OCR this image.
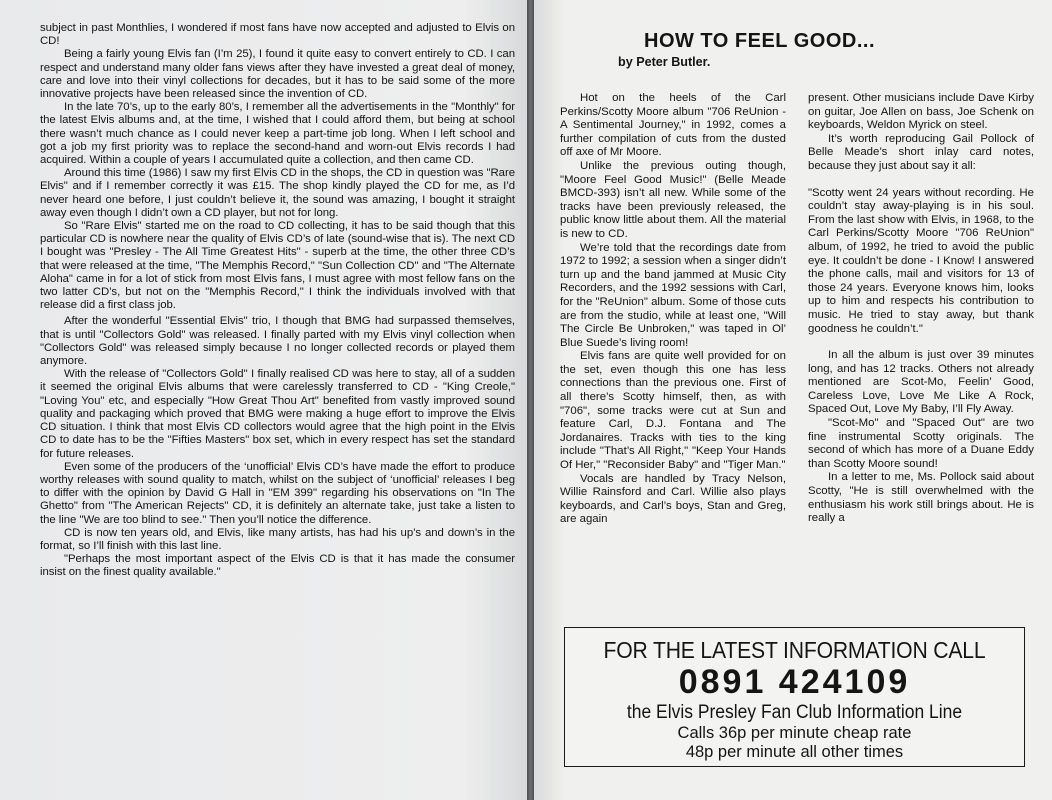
subject in past Monthlies, I wondered if most fans have now accepted and adjusted to Elvis on CD!

Being a fairly young Elvis fan (I’m 25), I found it quite easy to convert entirely to CD. I can respect and understand many older fans views after they have invested a great deal of money, care and love into their vinyl collections for decades, but it has to be said some of the more innovative projects have been released since the invention of CD.

In the late 70’s, up to the early 80’s, I remember all the advertisements in the "Monthly" for the latest Elvis albums and, at the time, I wished that I could afford them, but being at school there wasn’t much chance as I could never keep a part-time job long. When I left school and got a job my first priority was to replace the second-hand and worn-out Elvis records I had acquired. Within a couple of years I accumulated quite a collection, and then came CD.

Around this time (1986) I saw my first Elvis CD in the shops, the CD in question was "Rare Elvis" and if I remember correctly it was £15. The shop kindly played the CD for me, as I’d never heard one before, I just couldn’t believe it, the sound was amazing, I bought it straight away even though I didn’t own a CD player, but not for long.

So "Rare Elvis" started me on the road to CD collecting, it has to be said though that this particular CD is nowhere near the quality of Elvis CD’s of late (sound-wise that is). The next CD I bought was "Presley - The All Time Greatest Hits" - superb at the time, the other three CD’s that were released at the time, "The Memphis Record," "Sun Collection CD" and "The Alternate Aloha" came in for a lot of stick from most Elvis fans, I must agree with most fellow fans on the two latter CD’s, but not on the "Memphis Record," I think the individuals involved with that release did a first class job.

After the wonderful "Essential Elvis" trio, I though that BMG had surpassed themselves, that is until "Collectors Gold" was released. I finally parted with my Elvis vinyl collection when "Collectors Gold" was released simply because I no longer collected records or played them anymore.

With the release of "Collectors Gold" I finally realised CD was here to stay, all of a sudden it seemed the original Elvis albums that were carelessly transferred to CD - "King Creole," "Loving You" etc, and especially "How Great Thou Art" benefited from vastly improved sound quality and packaging which proved that BMG were making a huge effort to improve the Elvis CD situation. I think that most Elvis CD collectors would agree that the high point in the Elvis CD to date has to be the "Fifties Masters" box set, which in every respect has set the standard for future releases.

Even some of the producers of the ‘unofficial’ Elvis CD’s have made the effort to produce worthy releases with sound quality to match, whilst on the subject of ‘unofficial’ releases I beg to differ with the opinion by David G Hall in "EM 399" regarding his observations on "In The Ghetto" from "The American Rejects" CD, it is definitely an alternate take, just take a listen to the line "We are too blind to see." Then you’ll notice the difference.

CD is now ten years old, and Elvis, like many artists, has had his up’s and down’s in the format, so I’ll finish with this last line.

"Perhaps the most important aspect of the Elvis CD is that it has made the consumer insist on the finest quality available."

HOW TO FEEL GOOD...
by Peter Butler.

Hot on the heels of the Carl Perkins/Scotty Moore album "706 ReUnion - A Sentimental Journey," in 1992, comes a further compilation of cuts from the dusted off axe of Mr Moore.

Unlike the previous outing though, "Moore Feel Good Music!" (Belle Meade BMCD-393) isn’t all new. While some of the tracks have been previously released, the public know little about them. All the material is new to CD.

We’re told that the recordings date from 1972 to 1992; a session when a singer didn’t turn up and the band jammed at Music City Recorders, and the 1992 sessions with Carl, for the "ReUnion" album. Some of those cuts are from the studio, while at least one, "Will The Circle Be Unbroken," was taped in Ol’ Blue Suede’s living room!

Elvis fans are quite well provided for on the set, even though this one has less connections than the previous one. First of all there’s Scotty himself, then, as with "706", some tracks were cut at Sun and feature Carl, D.J. Fontana and The Jordanaires. Tracks with ties to the king include "That’s All Right," "Keep Your Hands Of Her," "Reconsider Baby" and "Tiger Man."

Vocals are handled by Tracy Nelson, Willie Rainsford and Carl. Willie also plays keyboards, and Carl’s boys, Stan and Greg, are again

present. Other musicians include Dave Kirby on guitar, Joe Allen on bass, Joe Schenk on keyboards, Weldon Myrick on steel.

It’s worth reproducing Gail Pollock of Belle Meade’s short inlay card notes, because they just about say it all:

"Scotty went 24 years without recording. He couldn’t stay away-playing is in his soul. From the last show with Elvis, in 1968, to the Carl Perkins/Scotty Moore "706 ReUnion" album, of 1992, he tried to avoid the public eye. It couldn’t be done - I Know! I answered the phone calls, mail and visitors for 13 of those 24 years. Everyone knows him, looks up to him and respects his contribution to music. He tried to stay away, but thank goodness he couldn’t."

In all the album is just over 39 minutes long, and has 12 tracks. Others not already mentioned are Scot-Mo, Feelin’ Good, Careless Love, Love Me Like A Rock, Spaced Out, Love My Baby, I’ll Fly Away.

"Scot-Mo" and "Spaced Out" are two fine instrumental Scotty originals. The second of which has more of a Duane Eddy than Scotty Moore sound!

In a letter to me, Ms. Pollock said about Scotty, "He is still overwhelmed with the enthusiasm his work still brings about. He is really a

FOR THE LATEST INFORMATION CALL
0891 424109
the Elvis Presley Fan Club Information Line
Calls 36p per minute cheap rate
48p per minute all other times
